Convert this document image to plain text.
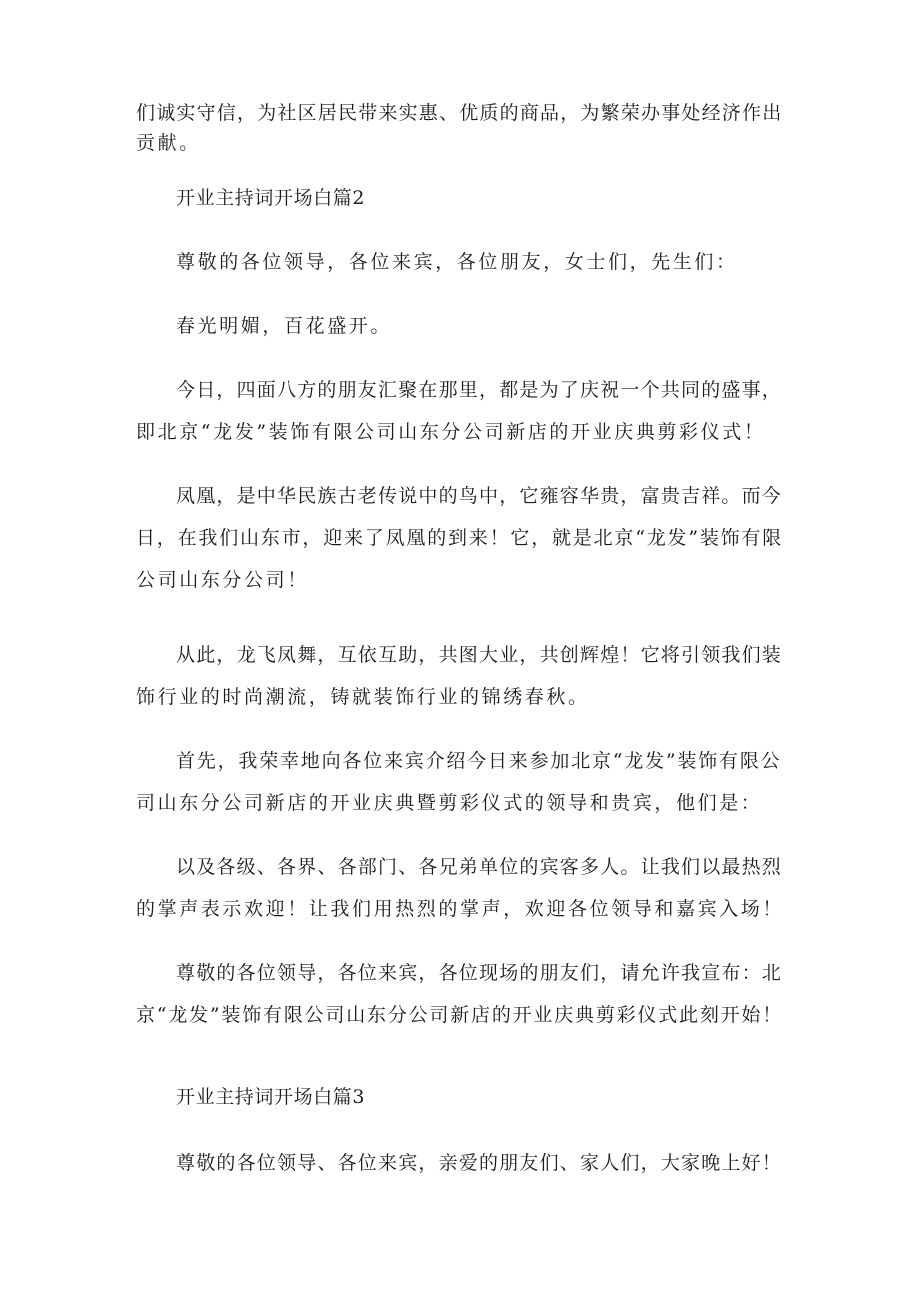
们诚实守信，为社区居民带来实惠、优质的商品，为繁荣办事处经济作出
贡献。
开业主持词开场白篇2
尊敬的各位领导，各位来宾，各位朋友，女士们，先生们：
春光明媚，百花盛开。
今日，四面八方的朋友汇聚在那里，都是为了庆祝一个共同的盛事，
即北京“龙发”装饰有限公司山东分公司新店的开业庆典剪彩仪式！
凤凰，是中华民族古老传说中的鸟中，它雍容华贵，富贵吉祥。而今
日，在我们山东市，迎来了凤凰的到来！它，就是北京“龙发”装饰有限
公司山东分公司！
从此，龙飞凤舞，互依互助，共图大业，共创辉煌！它将引领我们装
饰行业的时尚潮流，铸就装饰行业的锦绣春秋。
首先，我荣幸地向各位来宾介绍今日来参加北京“龙发”装饰有限公
司山东分公司新店的开业庆典暨剪彩仪式的领导和贵宾，他们是：
以及各级、各界、各部门、各兄弟单位的宾客多人。让我们以最热烈
的掌声表示欢迎！让我们用热烈的掌声，欢迎各位领导和嘉宾入场！
尊敬的各位领导，各位来宾，各位现场的朋友们，请允许我宣布：北
京“龙发”装饰有限公司山东分公司新店的开业庆典剪彩仪式此刻开始！
开业主持词开场白篇3
尊敬的各位领导、各位来宾，亲爱的朋友们、家人们，大家晚上好！
